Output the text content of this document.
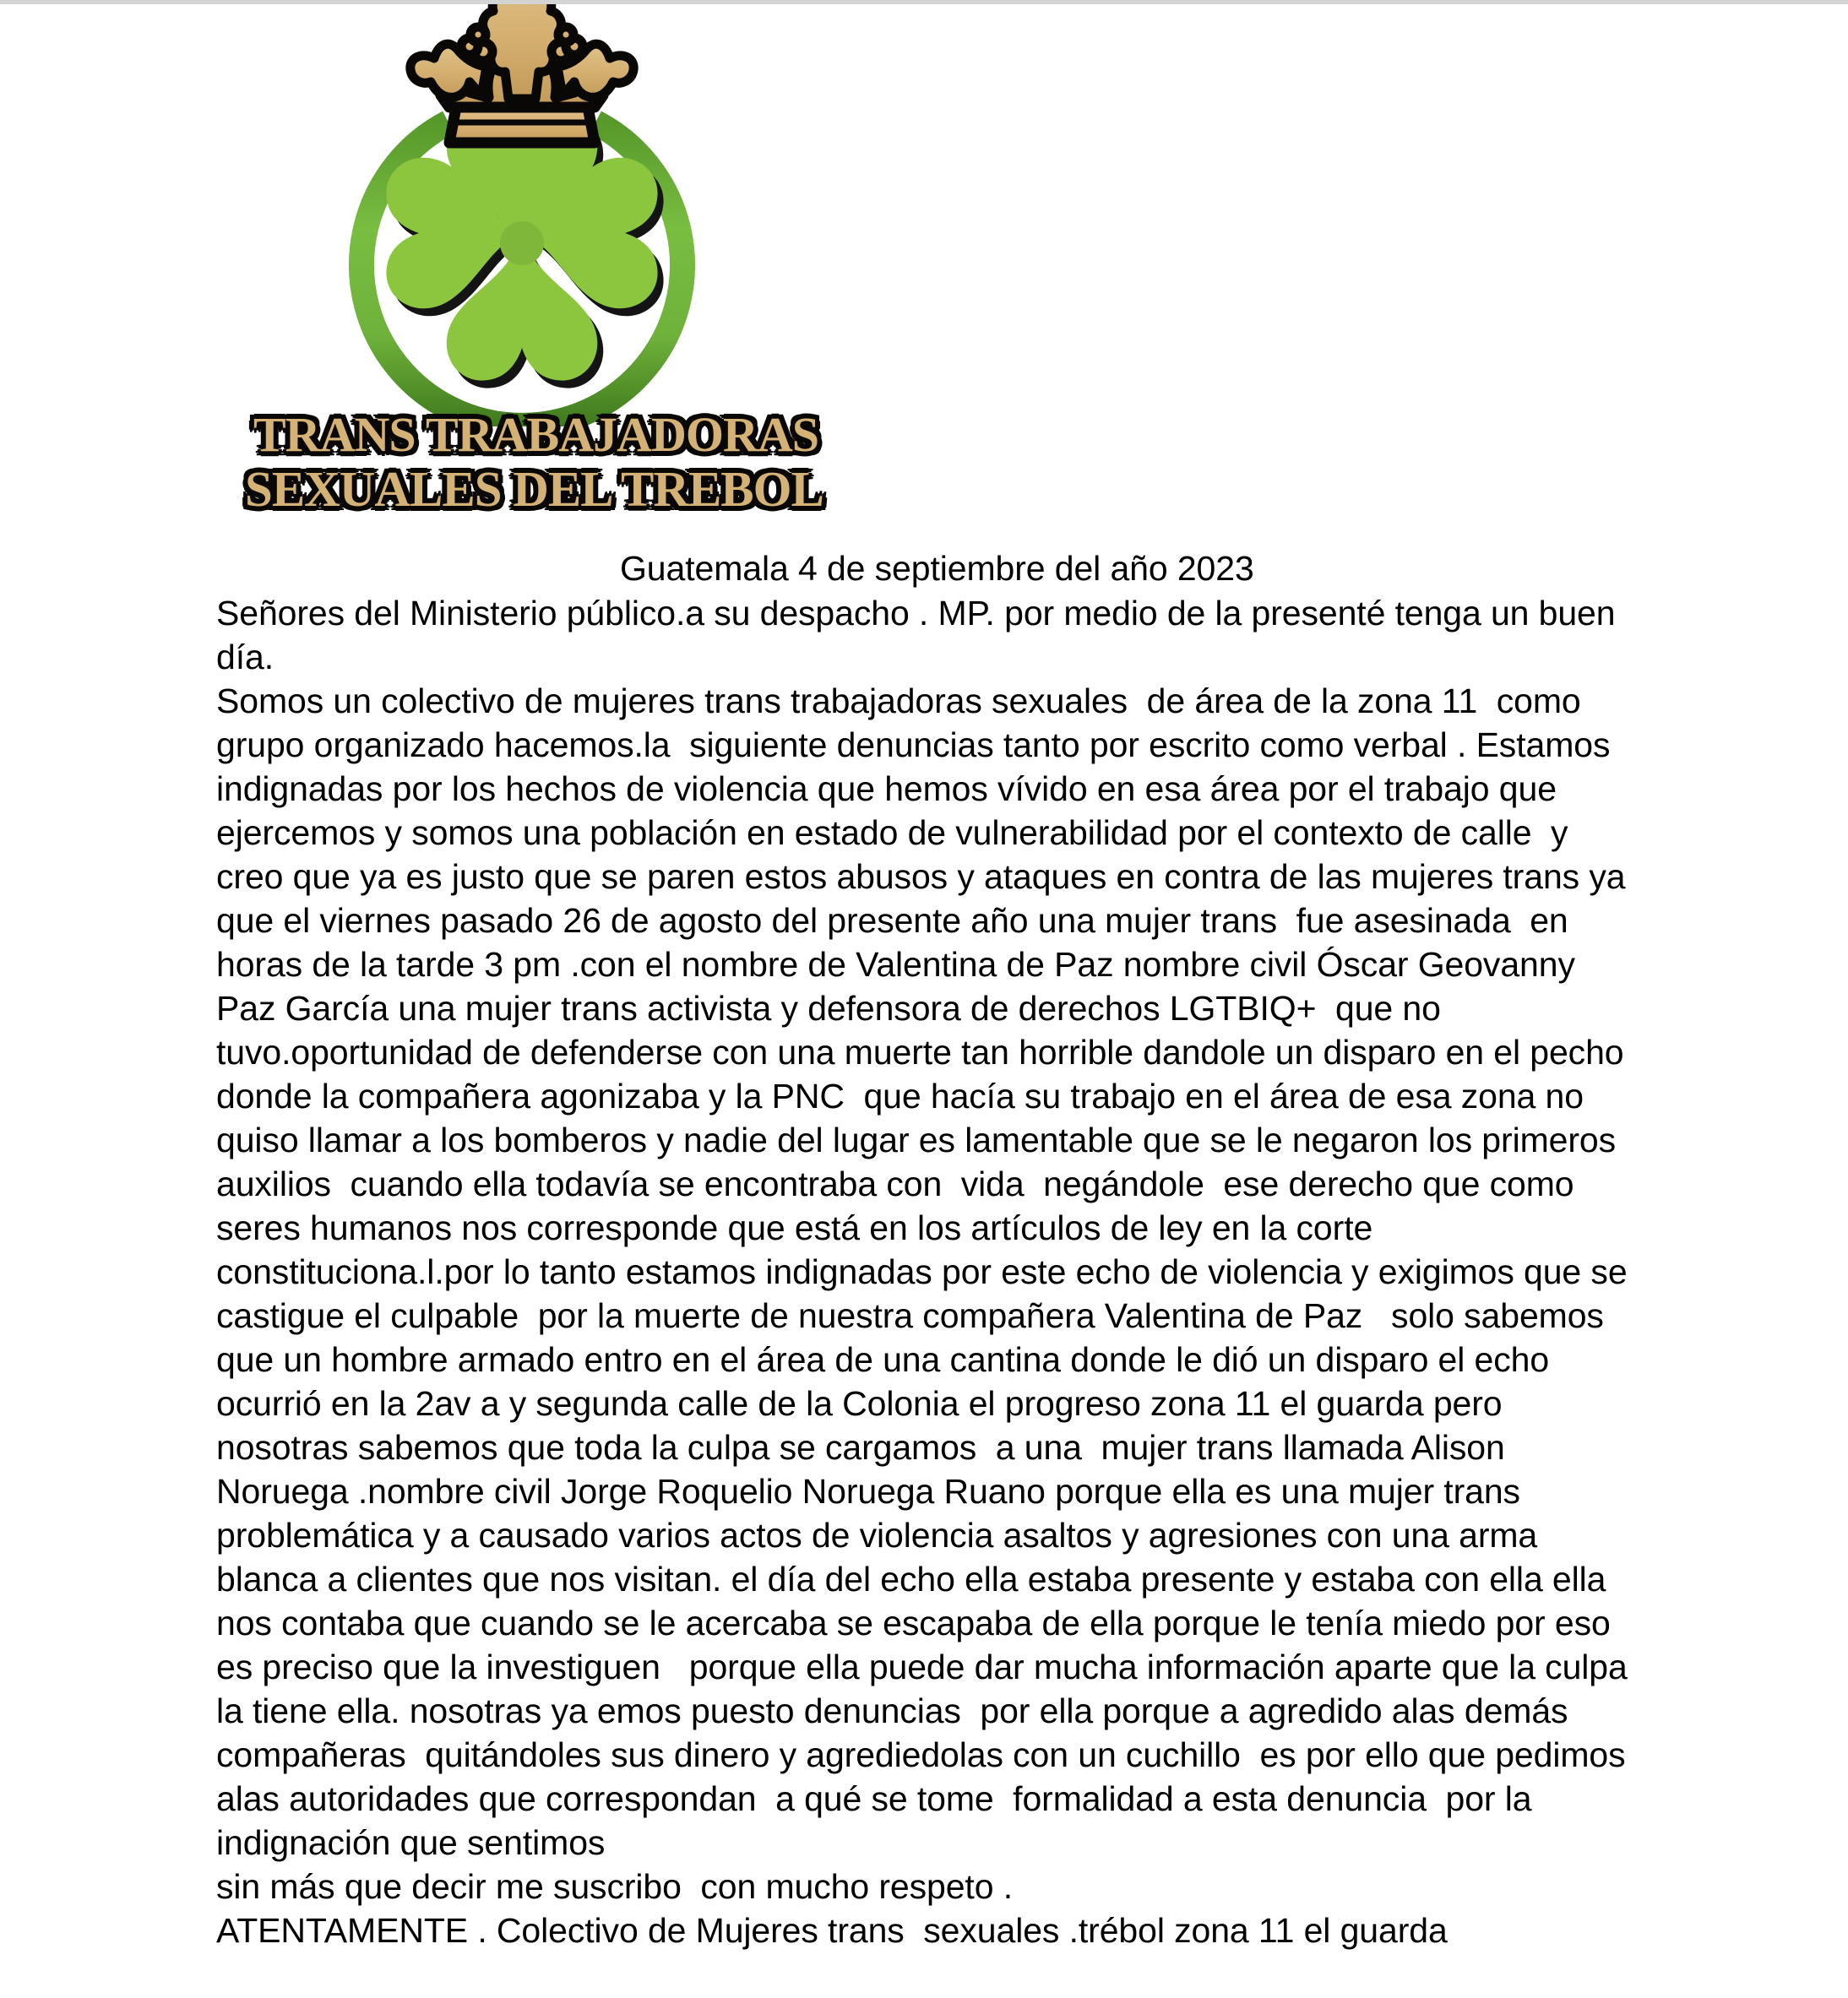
TRANS TRABAJADORAS
SEXUALES DEL TREBOL
Guatemala 4 de septiembre del año 2023
Señores del Ministerio público.a su despacho . MP. por medio de la presenté tenga un buen
día.
Somos un colectivo de mujeres trans trabajadoras sexuales  de área de la zona 11  como
grupo organizado hacemos.la  siguiente denuncias tanto por escrito como verbal . Estamos
indignadas por los hechos de violencia que hemos vívido en esa área por el trabajo que
ejercemos y somos una población en estado de vulnerabilidad por el contexto de calle  y
creo que ya es justo que se paren estos abusos y ataques en contra de las mujeres trans ya
que el viernes pasado 26 de agosto del presente año una mujer trans  fue asesinada  en
horas de la tarde 3 pm .con el nombre de Valentina de Paz nombre civil Óscar Geovanny
Paz García una mujer trans activista y defensora de derechos LGTBIQ+  que no
tuvo.oportunidad de defenderse con una muerte tan horrible dandole un disparo en el pecho
donde la compañera agonizaba y la PNC  que hacía su trabajo en el área de esa zona no
quiso llamar a los bomberos y nadie del lugar es lamentable que se le negaron los primeros
auxilios  cuando ella todavía se encontraba con  vida  negándole  ese derecho que como
seres humanos nos corresponde que está en los artículos de ley en la corte
constituciona.l.por lo tanto estamos indignadas por este echo de violencia y exigimos que se
castigue el culpable  por la muerte de nuestra compañera Valentina de Paz   solo sabemos
que un hombre armado entro en el área de una cantina donde le dió un disparo el echo
ocurrió en la 2av a y segunda calle de la Colonia el progreso zona 11 el guarda pero
nosotras sabemos que toda la culpa se cargamos  a una  mujer trans llamada Alison
Noruega .nombre civil Jorge Roquelio Noruega Ruano porque ella es una mujer trans
problemática y a causado varios actos de violencia asaltos y agresiones con una arma
blanca a clientes que nos visitan. el día del echo ella estaba presente y estaba con ella ella
nos contaba que cuando se le acercaba se escapaba de ella porque le tenía miedo por eso
es preciso que la investiguen   porque ella puede dar mucha información aparte que la culpa
la tiene ella. nosotras ya emos puesto denuncias  por ella porque a agredido alas demás
compañeras  quitándoles sus dinero y agrediedolas con un cuchillo  es por ello que pedimos
alas autoridades que correspondan  a qué se tome  formalidad a esta denuncia  por la
indignación que sentimos
sin más que decir me suscribo  con mucho respeto .
ATENTAMENTE . Colectivo de Mujeres trans  sexuales .trébol zona 11 el guarda
